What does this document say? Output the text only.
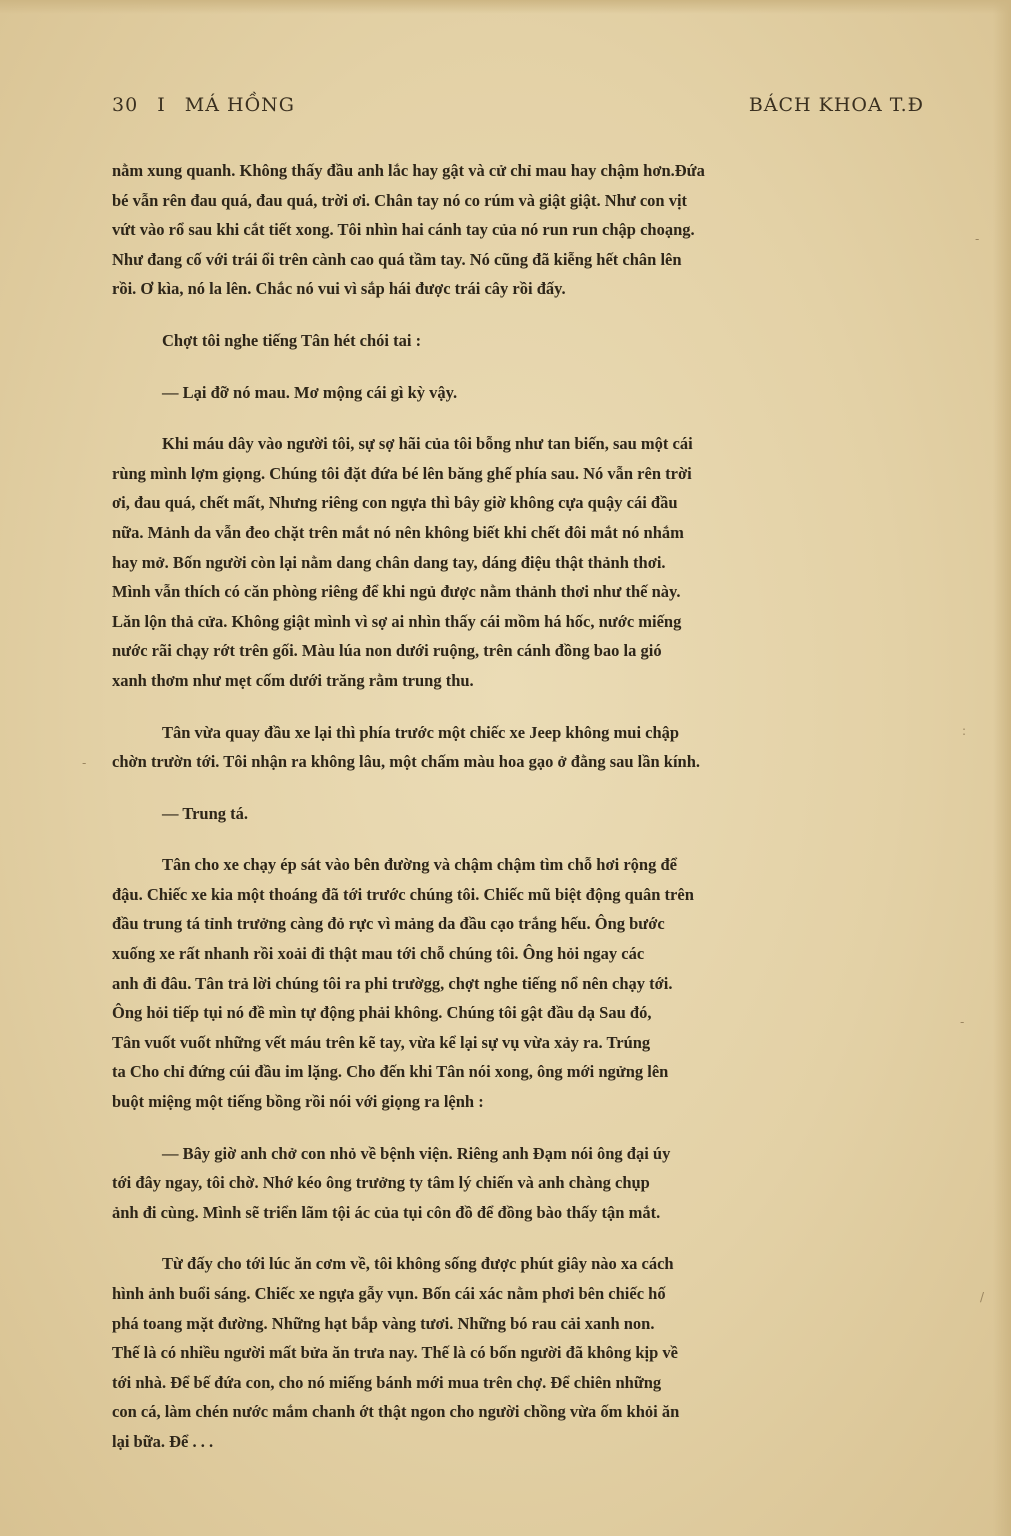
30 I MÁ HỒNG	BÁCH KHOA T.Đ

nằm xung quanh. Không thấy đầu anh lắc hay gật và cử chỉ mau hay chậm hơn.Đứa
bé vẫn rên đau quá, đau quá, trời ơi. Chân tay nó co rúm và giật giật. Như con vịt
vứt vào rổ sau khi cắt tiết xong. Tôi nhìn hai cánh tay của nó run run chập choạng.
Như đang cố với trái ổi trên cành cao quá tầm tay. Nó cũng đã kiễng hết chân lên
rồi. Ơ kìa, nó la lên. Chắc nó vui vì sắp hái được trái cây rồi đấy.

Chợt tôi nghe tiếng Tân hét chói tai :

— Lại đỡ nó mau. Mơ mộng cái gì kỳ vậy.

Khi máu dây vào người tôi, sự sợ hãi của tôi bỗng như tan biến, sau một cái
rùng mình lợm giọng. Chúng tôi đặt đứa bé lên băng ghế phía sau. Nó vẫn rên trời
ơi, đau quá, chết mất, Nhưng riêng con ngựa thì bây giờ không cựa quậy cái đầu
nữa. Mảnh da vẫn đeo chặt trên mắt nó nên không biết khi chết đôi mắt nó nhắm
hay mở. Bốn người còn lại nằm dang chân dang tay, dáng điệu thật thảnh thơi.
Mình vẫn thích có căn phòng riêng để khi ngủ được nằm thảnh thơi như thế này.
Lăn lộn thả cửa. Không giật mình vì sợ ai nhìn thấy cái mồm há hốc, nước miếng
nước rãi chạy rớt trên gối. Màu lúa non dưới ruộng, trên cánh đồng bao la gió
xanh thơm như mẹt cốm dưới trăng rằm trung thu.

Tân vừa quay đầu xe lại thì phía trước một chiếc xe Jeep không mui chập
chờn trườn tới. Tôi nhận ra không lâu, một chấm màu hoa gạo ở đằng sau lần kính.

— Trung tá.

Tân cho xe chạy ép sát vào bên đường và chậm chậm tìm chỗ hơi rộng để
đậu. Chiếc xe kia một thoáng đã tới trước chúng tôi. Chiếc mũ biệt động quân trên
đầu trung tá tỉnh trưởng càng đỏ rực vì mảng da đầu cạo trắng hếu. Ông bước
xuống xe rất nhanh rồi xoải đi thật mau tới chỗ chúng tôi. Ông hỏi ngay các
anh đi đâu. Tân trả lời chúng tôi ra phi trườgg, chợt nghe tiếng nổ nên chạy tới.
Ông hỏi tiếp tụi nó đề mìn tự động phải không. Chúng tôi gật đầu dạ Sau đó,
Tân vuốt vuốt những vết máu trên kẽ tay, vừa kể lại sự vụ vừa xảy ra. Trúng
ta Cho chỉ đứng cúi đầu im lặng. Cho đến khi Tân nói xong, ông mới ngửng lên
buột miệng một tiếng bồng rồi nói với giọng ra lệnh :

— Bây giờ anh chở con nhỏ về bệnh viện. Riêng anh Đạm nói ông đại úy
tới đây ngay, tôi chờ. Nhớ kéo ông trưởng ty tâm lý chiến và anh chàng chụp
ảnh đi cùng. Mình sẽ triển lãm tội ác của tụi côn đồ để đồng bào thấy tận mắt.

Từ đấy cho tới lúc ăn cơm về, tôi không sống được phút giây nào xa cách
hình ảnh buổi sáng. Chiếc xe ngựa gẫy vụn. Bốn cái xác nằm phơi bên chiếc hố
phá toang mặt đường. Những hạt bắp vàng tươi. Những bó rau cải xanh non.
Thế là có nhiều người mất bửa ăn trưa nay. Thế là có bốn người đã không kịp về
tới nhà. Để bế đứa con, cho nó miếng bánh mới mua trên chợ. Để chiên những
con cá, làm chén nước mắm chanh ớt thật ngon cho người chồng vừa ốm khỏi ăn
lại bữa. Để . . .

-
:
-
-
/
